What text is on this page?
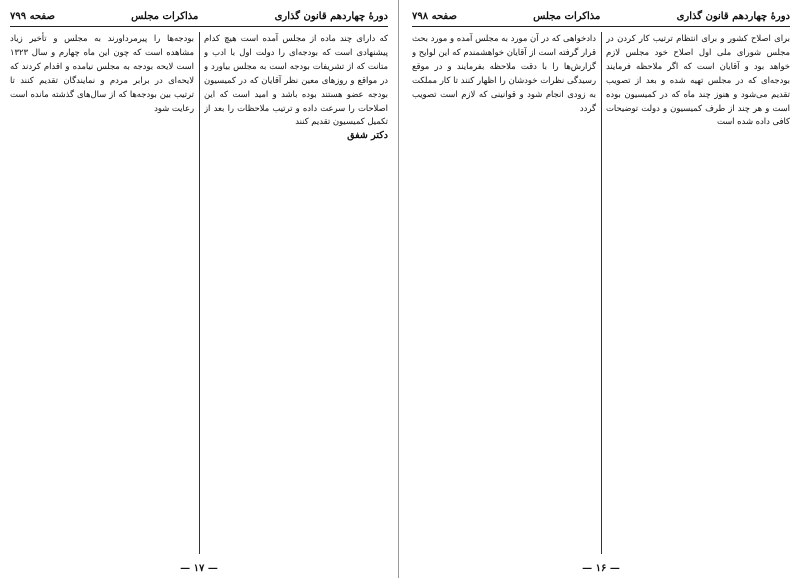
دورهٔ چهاردهم قانون گذاری
مذاکرات مجلس
صفحه ۷۹۹
که دارای چند ماده از مجلس آمده است هیچ کدام پیشنهادی است که بودجه‌ای را دولت اول با ادب و متانت که از تشریفات بودجه است به مجلس بیاورد و در مواقع و روزهای معین نظر آقایان که در کمیسیون بودجه عضو هستند بوده باشد و امید است که این اصلاحات را سرعت داده و ترتیب ملاحظات را بعد از تکمیل کمیسیون تقدیم کنند
دکتر شفق
بودجه‌ها را پیرمرداورند به مجلس و تأخیر زیاد مشاهده است که چون این ماه چهارم و سال ۱۳۲۳ است لایحه بودجه به مجلس نیامده و اقدام کردند که لایحه‌ای در برابر مردم و نمایندگان تقدیم کنند تا ترتیب بین بودجه‌ها که از سال‌های گذشته مانده است رعایت شود
— ۱۷ —
دورهٔ چهاردهم قانون گذاری
مذاکرات مجلس
صفحه ۷۹۸
برای اصلاح کشور و برای انتظام ترتیب کار کردن در مجلس شورای ملی اول اصلاح خود مجلس لازم خواهد بود و آقایان است که اگر ملاحظه فرمایند بودجه‌ای که در مجلس تهیه شده و بعد از تصویب تقدیم می‌شود و هنوز چند ماه که در کمیسیون بوده است و هر چند از طرف کمیسیون و دولت توضیحات کافی داده شده است
دادخواهی که در آن مورد به مجلس آمده و مورد بحث قرار گرفته است از آقایان خواهشمندم که این لوایح و گزارش‌ها را با دقت ملاحظه بفرمایند و در موقع رسیدگی نظرات خودشان را اظهار کنند تا کار مملکت به زودی انجام شود و قوانینی که لازم است تصویب گردد
— ۱۶ —
